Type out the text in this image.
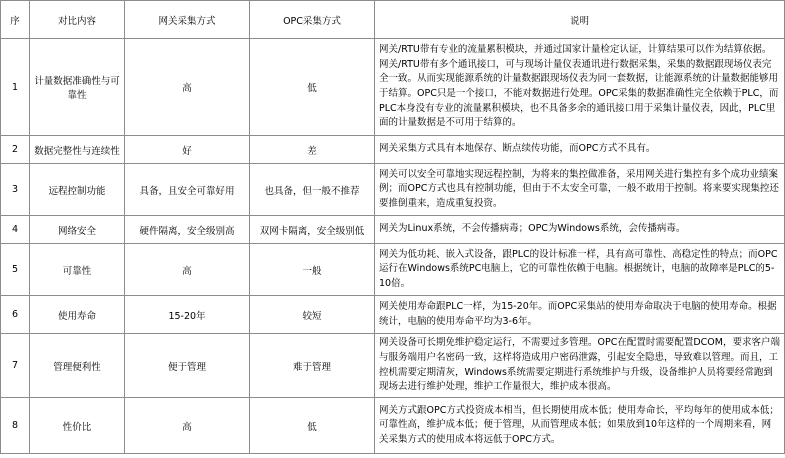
序	对比内容	网关采集方式	OPC采集方式	说明
1	计量数据准确性与可靠性	高	低	网关/RTU带有专业的流量累积模块，并通过国家计量检定认证，计算结果可以作为结算依据。网关/RTU带有多个通讯接口，可与现场计量仪表通讯进行数据采集，采集的数据跟现场仪表完全一致。从而实现能源系统的计量数据跟现场仪表为同一套数据，让能源系统的计量数据能够用于结算。OPC只是一个接口，不能对数据进行处理。OPC采集的数据准确性完全依赖于PLC，而PLC本身没有专业的流量累积模块，也不具备多余的通讯接口用于采集计量仪表，因此，PLC里面的计量数据是不可用于结算的。
2	数据完整性与连续性	好	差	网关采集方式具有本地保存、断点续传功能，而OPC方式不具有。
3	远程控制功能	具备，且安全可靠好用	也具备，但一般不推荐	网关可以安全可靠地实现远程控制，为将来的集控做准备，采用网关进行集控有多个成功业绩案例；而OPC方式也具有控制功能，但由于不太安全可靠，一般不敢用于控制。将来要实现集控还要推倒重来，造成重复投资。
4	网络安全	硬件隔离，安全级别高	双网卡隔离，安全级别低	网关为Linux系统，不会传播病毒；OPC为Windows系统，会传播病毒。
5	可靠性	高	一般	网关为低功耗、嵌入式设备，跟PLC的设计标准一样，具有高可靠性、高稳定性的特点；而OPC运行在Windows系统PC电脑上，它的可靠性依赖于电脑。根据统计，电脑的故障率是PLC的5-10倍。
6	使用寿命	15-20年	较短	网关使用寿命跟PLC一样，为15-20年。而OPC采集站的使用寿命取决于电脑的使用寿命。根据统计，电脑的使用寿命平均为3-6年。
7	管理便利性	便于管理	难于管理	网关设备可长期免维护稳定运行，不需要过多管理。OPC在配置时需要配置DCOM，要求客户端与服务端用户名密码一致，这样将造成用户密码泄露，引起安全隐患，导致难以管理。而且，工控机需要定期清灰，Windows系统需要定期进行系统维护与升级，设备维护人员将要经常跑到现场去进行维护处理，维护工作量很大，维护成本很高。
8	性价比	高	低	网关方式跟OPC方式投资成本相当，但长期使用成本低；使用寿命长，平均每年的使用成本低；可靠性高，维护成本低；便于管理，从而管理成本低；如果放到10年这样的一个周期来看，网关采集方式的使用成本将远低于OPC方式。
